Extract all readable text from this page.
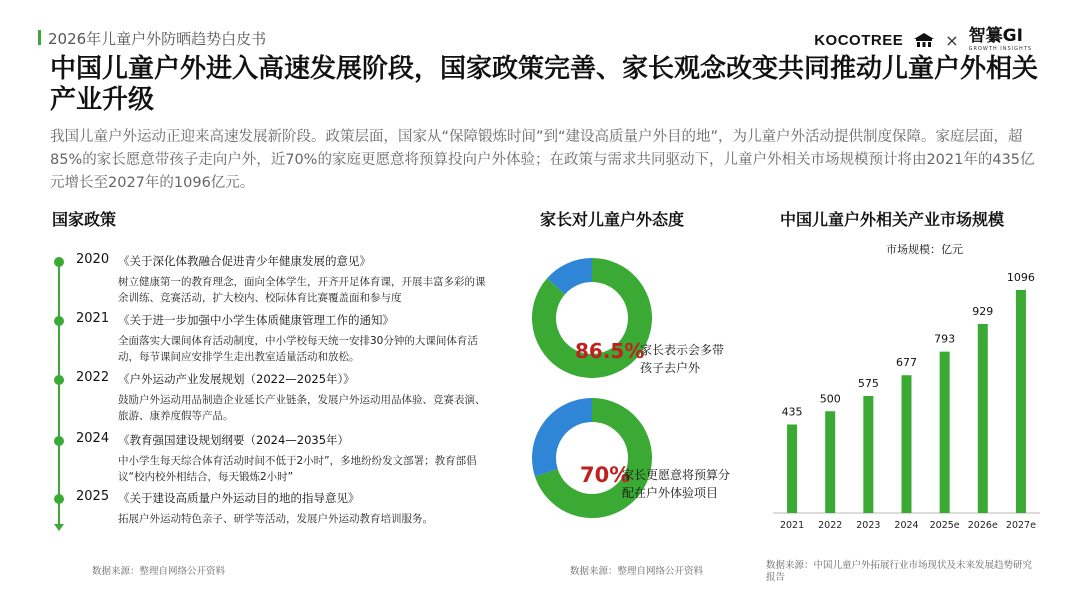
2026年儿童户外防晒趋势白皮书	KOCOTREE	× 智纂GI
GROWTH INSIGHTS
中国儿童户外进入高速发展阶段，国家政策完善、家长观念改变共同推动儿童户外相关产业升级
我国儿童户外运动正迎来高速发展新阶段。政策层面，国家从“保障锻炼时间”到“建设高质量户外目的地”，为儿童户外活动提供制度保障。家庭层面，超85%的家长愿意带孩子走向户外，近70%的家庭更愿意将预算投向户外体验；在政策与需求共同驱动下，儿童户外相关市场规模预计将由2021年的435亿元增长至2027年的1096亿元。
国家政策	家长对儿童户外态度	中国儿童户外相关产业市场规模
2020 《关于深化体教融合促进青少年健康发展的意见》
树立健康第一的教育理念，面向全体学生，开齐开足体育课，开展丰富多彩的课余训练、竞赛活动，扩大校内、校际体育比赛覆盖面和参与度
2021 《关于进一步加强中小学生体质健康管理工作的通知》
全面落实大课间体育活动制度，中小学校每天统一安排30分钟的大课间体育活动，每节课间应安排学生走出教室适量活动和放松。
2022 《户外运动产业发展规划（2022—2025年）》
鼓励户外运动用品制造企业延长产业链条，发展户外运动用品体验、竞赛表演、旅游、康养度假等产品。
2024 《教育强国建设规划纲要（2024—2035年）
中小学生每天综合体育活动时间不低于2小时”，多地纷纷发文部署；教育部倡议“校内校外相结合，每天锻炼2小时”
2025 《关于建设高质量户外运动目的地的指导意见》
拓展户外运动特色亲子、研学等活动，发展户外运动教育培训服务。
86.5%
家长表示会多带孩子去户外
70%
家长更愿意将预算分配在户外体验项目
市场规模：亿元
435
2021
500
2022
575
2023
677
2024
793
2025e
929
2026e
1096
2027e
数据来源：整理自网络公开资料	数据来源：整理自网络公开资料
数据来源：中国儿童户外拓展行业市场现状及未来发展趋势研究报告
